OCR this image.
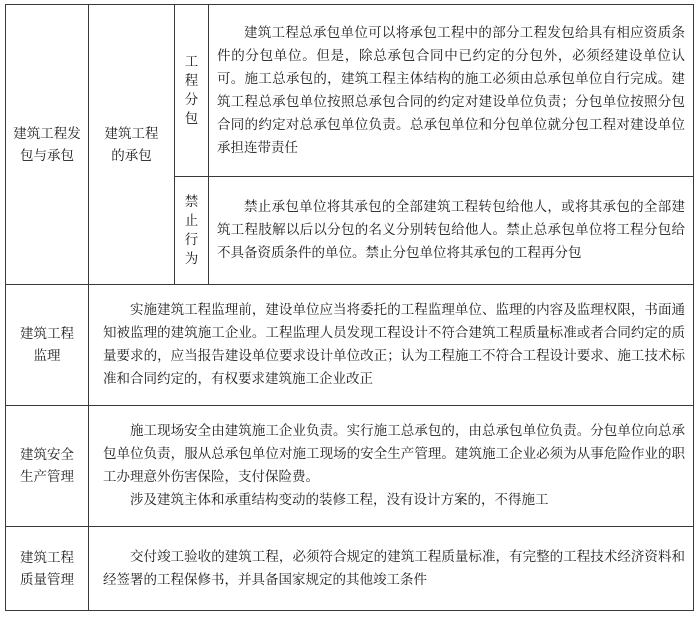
建筑工程发包与承包	建筑工程的承包	工程分包	建筑工程总承包单位可以将承包工程中的部分工程发包给具有相应资质条件的分包单位。但是，除总承包合同中已约定的分包外，必须经建设单位认可。施工总承包的，建筑工程主体结构的施工必须由总承包单位自行完成。建筑工程总承包单位按照总承包合同的约定对建设单位负责；分包单位按照分包合同的约定对总承包单位负责。总承包单位和分包单位就分包工程对建设单位承担连带责任
		禁止行为	禁止承包单位将其承包的全部建筑工程转包给他人，或将其承包的全部建筑工程肢解以后以分包的名义分别转包给他人。禁止总承包单位将工程分包给不具备资质条件的单位。禁止分包单位将其承包的工程再分包
建筑工程监理	实施建筑工程监理前，建设单位应当将委托的工程监理单位、监理的内容及监理权限，书面通知被监理的建筑施工企业。工程监理人员发现工程设计不符合建筑工程质量标准或者合同约定的质量要求的，应当报告建设单位要求设计单位改正；认为工程施工不符合工程设计要求、施工技术标准和合同约定的，有权要求建筑施工企业改正		
建筑安全生产管理	施工现场安全由建筑施工企业负责。实行施工总承包的，由总承包单位负责。分包单位向总承包单位负责，服从总承包单位对施工现场的安全生产管理。建筑施工企业必须为从事危险作业的职工办理意外伤害保险，支付保险费。

涉及建筑主体和承重结构变动的装修工程，没有设计方案的，不得施工		

建筑工程质量管理	交付竣工验收的建筑工程，必须符合规定的建筑工程质量标准，有完整的工程技术经济资料和经签署的工程保修书，并具备国家规定的其他竣工条件		
